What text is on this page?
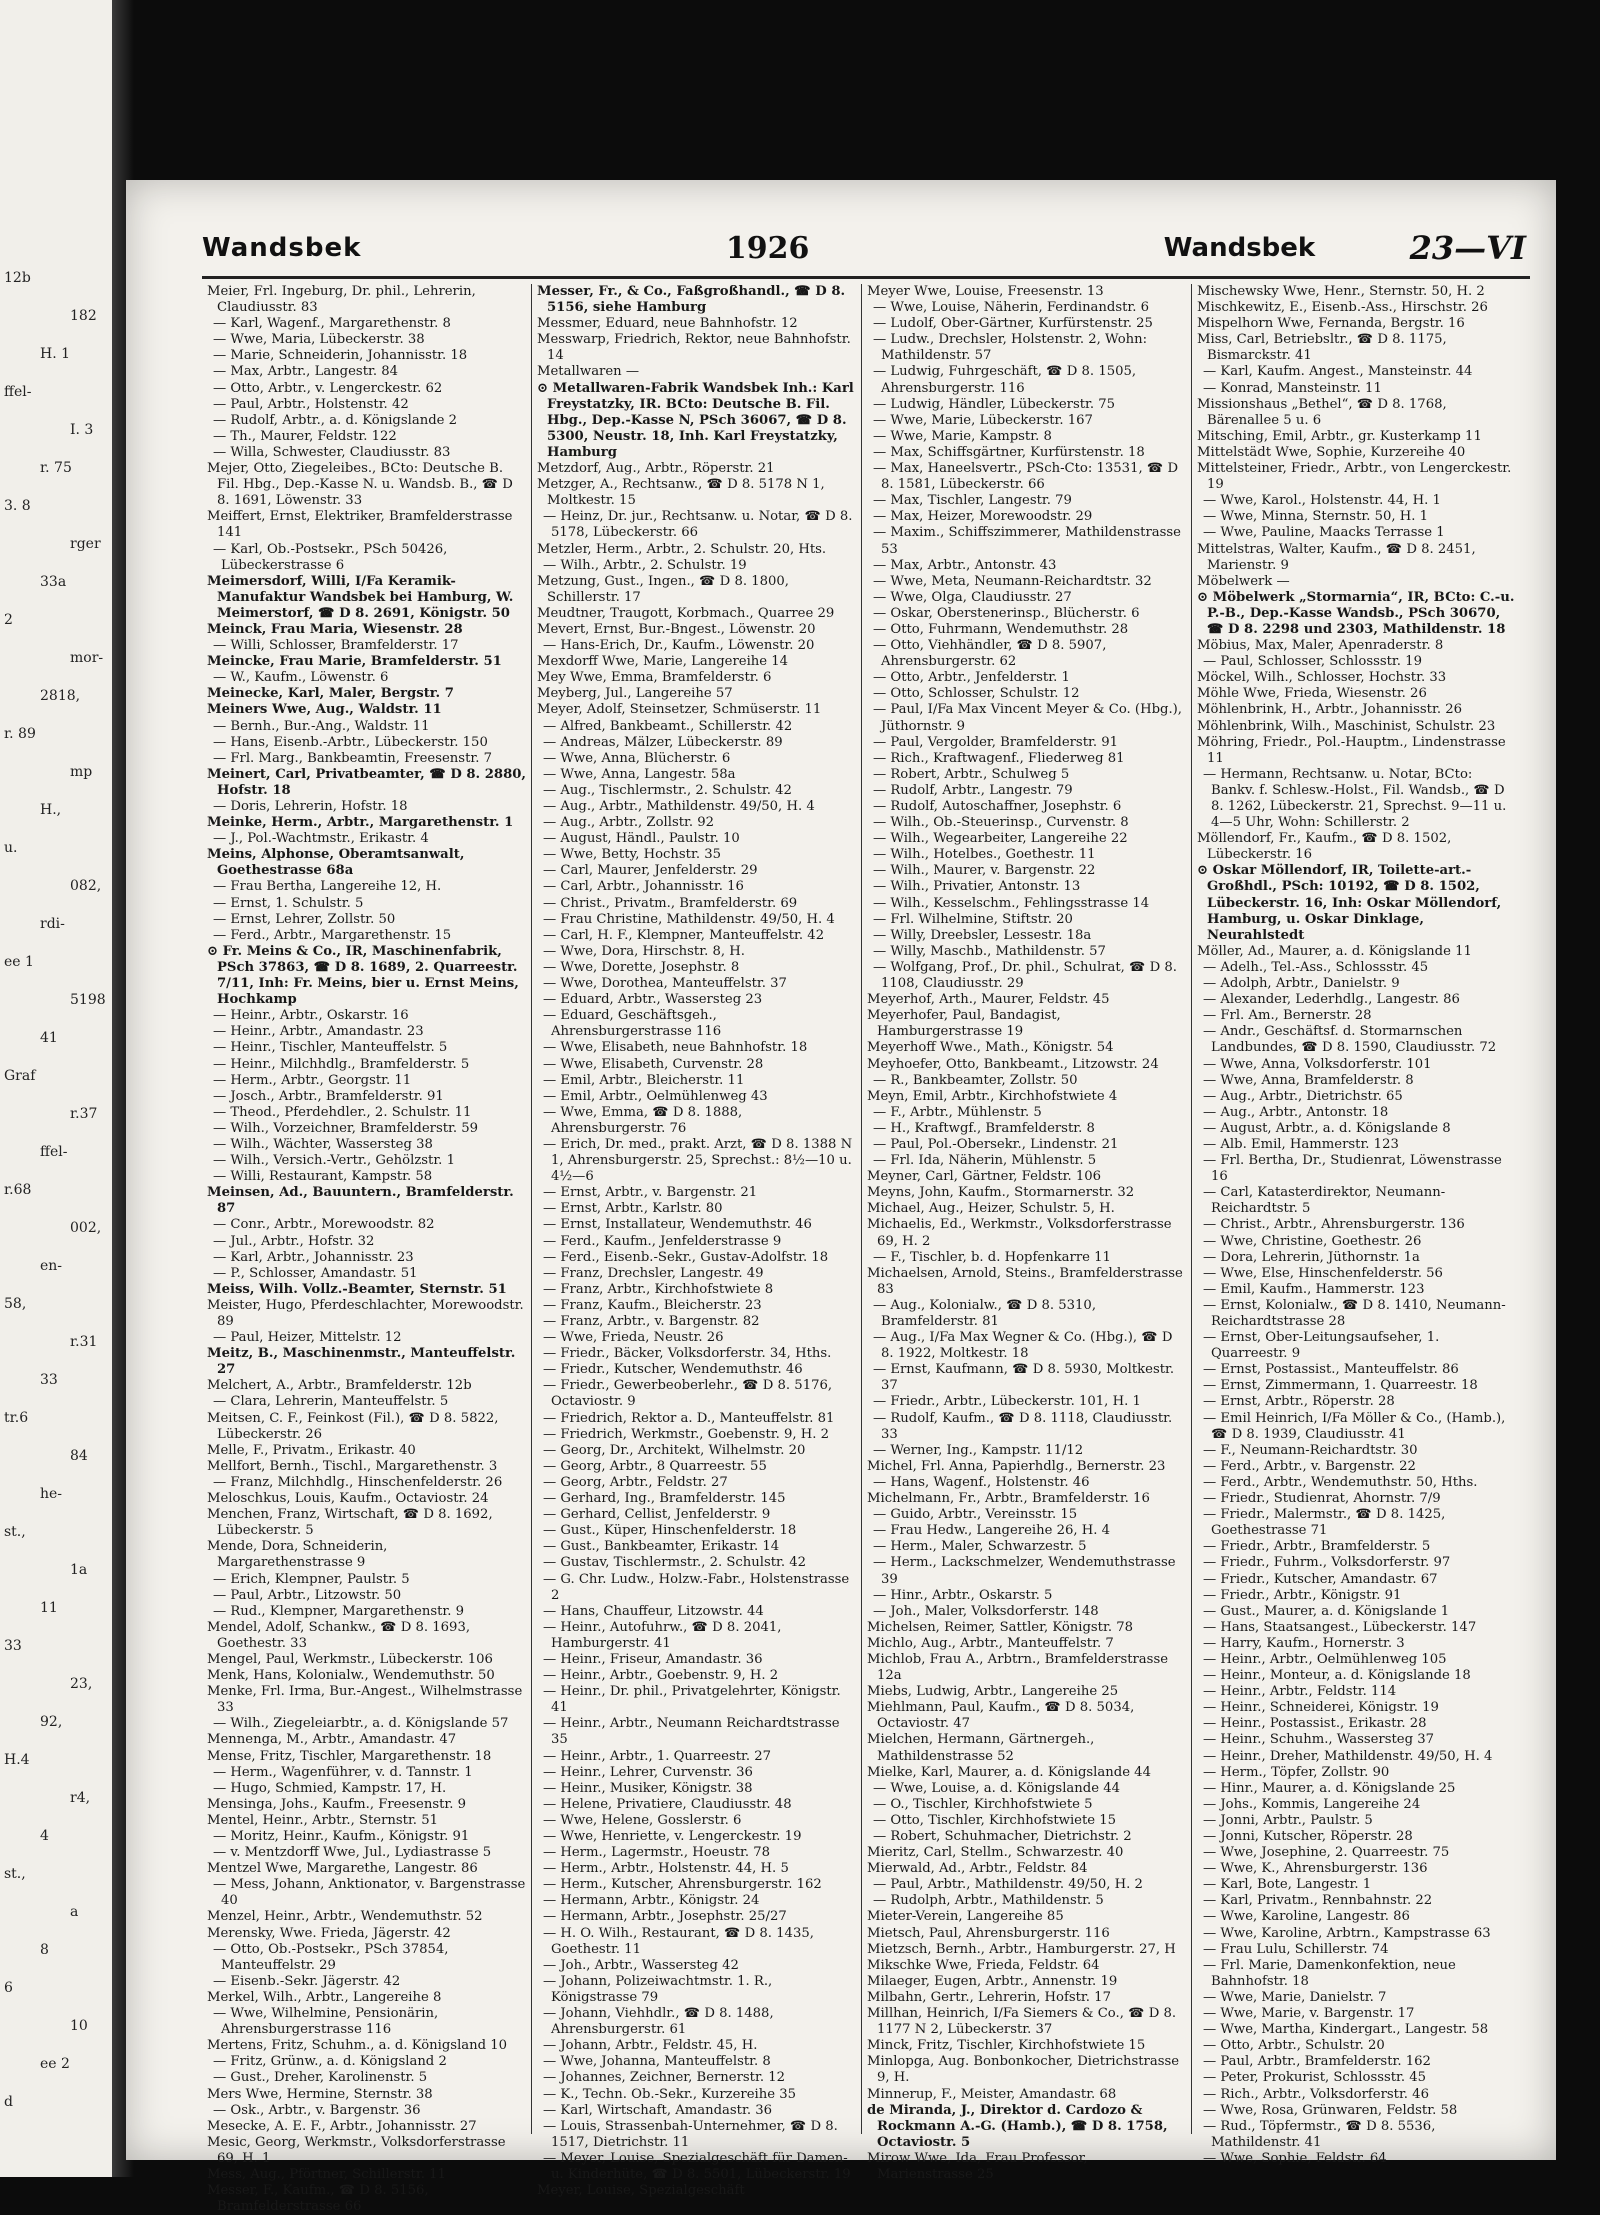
12b
182
H. 1
ffel-
I. 3
r. 75
3. 8
rger
33a
2
mor-
2818,
r. 89
mp
H.,
u.
082,
rdi-
ee 1
5198
41
Graf
r.37
ffel-
r.68
002,
en-
58,
r.31
33
tr.6
84
he-
st.,
1a
11
33
23,
92,
H.4
r4,
4
st.,
a
8
6
10
ee 2
d
Wandsbek	1926	Wandsbek	23—VI
Meier, Frl. Ingeburg, Dr. phil., Lehrerin, Claudiusstr. 83
— Karl, Wagenf., Margarethenstr. 8
— Wwe, Maria, Lübeckerstr. 38
— Marie, Schneiderin, Johannisstr. 18
— Max, Arbtr., Langestr. 84
— Otto, Arbtr., v. Lengerckestr. 62
— Paul, Arbtr., Holstenstr. 42
— Rudolf, Arbtr., a. d. Königslande 2
— Th., Maurer, Feldstr. 122
— Willa, Schwester, Claudiusstr. 83
Mejer, Otto, Ziegeleibes., BCto: Deutsche B. Fil. Hbg., Dep.-Kasse N. u. Wandsb. B., ☎ D 8. 1691, Löwenstr. 33
Meiffert, Ernst, Elektriker, Bramfelderstrasse 141
— Karl, Ob.-Postsekr., PSch 50426, Lübeckerstrasse 6
Meimersdorf, Willi, I/Fa Keramik-Manufaktur Wandsbek bei Hamburg, W. Meimerstorf, ☎ D 8. 2691, Königstr. 50
Meinck, Frau Maria, Wiesenstr. 28
— Willi, Schlosser, Bramfelderstr. 17
Meincke, Frau Marie, Bramfelderstr. 51
— W., Kaufm., Löwenstr. 6
Meinecke, Karl, Maler, Bergstr. 7
Meiners Wwe, Aug., Waldstr. 11
— Bernh., Bur.-Ang., Waldstr. 11
— Hans, Eisenb.-Arbtr., Lübeckerstr. 150
— Frl. Marg., Bankbeamtin, Freesenstr. 7
Meinert, Carl, Privatbeamter, ☎ D 8. 2880, Hofstr. 18
— Doris, Lehrerin, Hofstr. 18
Meinke, Herm., Arbtr., Margarethenstr. 1
— J., Pol.-Wachtmstr., Erikastr. 4
Meins, Alphonse, Oberamtsanwalt, Goethestrasse 68a
— Frau Bertha, Langereihe 12, H.
— Ernst, 1. Schulstr. 5
— Ernst, Lehrer, Zollstr. 50
— Ferd., Arbtr., Margarethenstr. 15
⊙ Fr. Meins & Co., IR, Maschinenfabrik, PSch 37863, ☎ D 8. 1689, 2. Quarreestr. 7/11, Inh: Fr. Meins, bier u. Ernst Meins, Hochkamp
— Heinr., Arbtr., Oskarstr. 16
— Heinr., Arbtr., Amandastr. 23
— Heinr., Tischler, Manteuffelstr. 5
— Heinr., Milchhdlg., Bramfelderstr. 5
— Herm., Arbtr., Georgstr. 11
— Josch., Arbtr., Bramfelderstr. 91
— Theod., Pferdehdler., 2. Schulstr. 11
— Wilh., Vorzeichner, Bramfelderstr. 59
— Wilh., Wächter, Wassersteg 38
— Wilh., Versich.-Vertr., Gehölzstr. 1
— Willi, Restaurant, Kampstr. 58
Meinsen, Ad., Bauuntern., Bramfelderstr. 87
— Conr., Arbtr., Morewoodstr. 82
— Jul., Arbtr., Hofstr. 32
— Karl, Arbtr., Johannisstr. 23
— P., Schlosser, Amandastr. 51
Meiss, Wilh. Vollz.-Beamter, Sternstr. 51
Meister, Hugo, Pferdeschlachter, Morewoodstr. 89
— Paul, Heizer, Mittelstr. 12
Meitz, B., Maschinenmstr., Manteuffelstr. 27
Melchert, A., Arbtr., Bramfelderstr. 12b
— Clara, Lehrerin, Manteuffelstr. 5
Meitsen, C. F., Feinkost (Fil.), ☎ D 8. 5822, Lübeckerstr. 26
Melle, F., Privatm., Erikastr. 40
Mellfort, Bernh., Tischl., Margarethenstr. 3
— Franz, Milchhdlg., Hinschenfelderstr. 26
Meloschkus, Louis, Kaufm., Octaviostr. 24
Menchen, Franz, Wirtschaft, ☎ D 8. 1692, Lübeckerstr. 5
Mende, Dora, Schneiderin, Margarethenstrasse 9
— Erich, Klempner, Paulstr. 5
— Paul, Arbtr., Litzowstr. 50
— Rud., Klempner, Margarethenstr. 9
Mendel, Adolf, Schankw., ☎ D 8. 1693, Goethestr. 33
Mengel, Paul, Werkmstr., Lübeckerstr. 106
Menk, Hans, Kolonialw., Wendemuthstr. 50
Menke, Frl. Irma, Bur.-Angest., Wilhelmstrasse 33
— Wilh., Ziegeleiarbtr., a. d. Königslande 57
Mennenga, M., Arbtr., Amandastr. 47
Mense, Fritz, Tischler, Margarethenstr. 18
— Herm., Wagenführer, v. d. Tannstr. 1
— Hugo, Schmied, Kampstr. 17, H.
Mensinga, Johs., Kaufm., Freesenstr. 9
Mentel, Heinr., Arbtr., Sternstr. 51
— Moritz, Heinr., Kaufm., Königstr. 91
— v. Mentzdorff Wwe, Jul., Lydiastrasse 5
Mentzel Wwe, Margarethe, Langestr. 86
— Mess, Johann, Anktionator, v. Bargenstrasse 40
Menzel, Heinr., Arbtr., Wendemuthstr. 52
Merensky, Wwe. Frieda, Jägerstr. 42
— Otto, Ob.-Postsekr., PSch 37854, Manteuffelstr. 29
— Eisenb.-Sekr. Jägerstr. 42
Merkel, Wilh., Arbtr., Langereihe 8
— Wwe, Wilhelmine, Pensionärin, Ahrensburgerstrasse 116
Mertens, Fritz, Schuhm., a. d. Königsland 10
— Fritz, Grünw., a. d. Königsland 2
— Gust., Dreher, Karolinenstr. 5
Mers Wwe, Hermine, Sternstr. 38
— Osk., Arbtr., v. Bargenstr. 36
Mesecke, A. E. F., Arbtr., Johannisstr. 27
Mesic, Georg, Werkmstr., Volksdorferstrasse 69, H. 1
Mess, Aug., Pförtner, Schillerstr. 11
Messer, F., Kaufm., ☎ D 8. 5156, Bramfelderstrasse 66
Messer, Fr., & Co., Faßgroßhandl., ☎ D 8. 5156, siehe Hamburg
Messmer, Eduard, neue Bahnhofstr. 12
Messwarp, Friedrich, Rektor, neue Bahnhofstr. 14
Metallwaren —
⊙ Metallwaren-Fabrik Wandsbek Inh.: Karl Freystatzky, IR. BCto: Deutsche B. Fil. Hbg., Dep.-Kasse N, PSch 36067, ☎ D 8. 5300, Neustr. 18, Inh. Karl Freystatzky, Hamburg
Metzdorf, Aug., Arbtr., Röperstr. 21
Metzger, A., Rechtsanw., ☎ D 8. 5178 N 1, Moltkestr. 15
— Heinz, Dr. jur., Rechtsanw. u. Notar, ☎ D 8. 5178, Lübeckerstr. 66
Metzler, Herm., Arbtr., 2. Schulstr. 20, Hts.
— Wilh., Arbtr., 2. Schulstr. 19
Metzung, Gust., Ingen., ☎ D 8. 1800, Schillerstr. 17
Meudtner, Traugott, Korbmach., Quarree 29
Mevert, Ernst, Bur.-Bngest., Löwenstr. 20
— Hans-Erich, Dr., Kaufm., Löwenstr. 20
Mexdorff Wwe, Marie, Langereihe 14
Mey Wwe, Emma, Bramfelderstr. 6
Meyberg, Jul., Langereihe 57
Meyer, Adolf, Steinsetzer, Schmüserstr. 11
— Alfred, Bankbeamt., Schillerstr. 42
— Andreas, Mälzer, Lübeckerstr. 89
— Wwe, Anna, Blücherstr. 6
— Wwe, Anna, Langestr. 58a
— Aug., Tischlermstr., 2. Schulstr. 42
— Aug., Arbtr., Mathildenstr. 49/50, H. 4
— Aug., Arbtr., Zollstr. 92
— August, Händl., Paulstr. 10
— Wwe, Betty, Hochstr. 35
— Carl, Maurer, Jenfelderstr. 29
— Carl, Arbtr., Johannisstr. 16
— Christ., Privatm., Bramfelderstr. 69
— Frau Christine, Mathildenstr. 49/50, H. 4
— Carl, H. F., Klempner, Manteuffelstr. 42
— Wwe, Dora, Hirschstr. 8, H.
— Wwe, Dorette, Josephstr. 8
— Wwe, Dorothea, Manteuffelstr. 37
— Eduard, Arbtr., Wassersteg 23
— Eduard, Geschäftsgeh., Ahrensburgerstrasse 116
— Wwe, Elisabeth, neue Bahnhofstr. 18
— Wwe, Elisabeth, Curvenstr. 28
— Emil, Arbtr., Bleicherstr. 11
— Emil, Arbtr., Oelmühlenweg 43
— Wwe, Emma, ☎ D 8. 1888, Ahrensburgerstr. 76
— Erich, Dr. med., prakt. Arzt, ☎ D 8. 1388 N 1, Ahrensburgerstr. 25, Sprechst.: 8½—10 u. 4½—6
— Ernst, Arbtr., v. Bargenstr. 21
— Ernst, Arbtr., Karlstr. 80
— Ernst, Installateur, Wendemuthstr. 46
— Ferd., Kaufm., Jenfelderstrasse 9
— Ferd., Eisenb.-Sekr., Gustav-Adolfstr. 18
— Franz, Drechsler, Langestr. 49
— Franz, Arbtr., Kirchhofstwiete 8
— Franz, Kaufm., Bleicherstr. 23
— Franz, Arbtr., v. Bargenstr. 82
— Wwe, Frieda, Neustr. 26
— Friedr., Bäcker, Volksdorferstr. 34, Hths.
— Friedr., Kutscher, Wendemuthstr. 46
— Friedr., Gewerbeoberlehr., ☎ D 8. 5176, Octaviostr. 9
— Friedrich, Rektor a. D., Manteuffelstr. 81
— Friedrich, Werkmstr., Goebenstr. 9, H. 2
— Georg, Dr., Architekt, Wilhelmstr. 20
— Georg, Arbtr., 8 Quarreestr. 55
— Georg, Arbtr., Feldstr. 27
— Gerhard, Ing., Bramfelderstr. 145
— Gerhard, Cellist, Jenfelderstr. 9
— Gust., Küper, Hinschenfelderstr. 18
— Gust., Bankbeamter, Erikastr. 14
— Gustav, Tischlermstr., 2. Schulstr. 42
— G. Chr. Ludw., Holzw.-Fabr., Holstenstrasse 2
— Hans, Chauffeur, Litzowstr. 44
— Heinr., Autofuhrw., ☎ D 8. 2041, Hamburgerstr. 41
— Heinr., Friseur, Amandastr. 36
— Heinr., Arbtr., Goebenstr. 9, H. 2
— Heinr., Dr. phil., Privatgelehrter, Königstr. 41
— Heinr., Arbtr., Neumann Reichardtstrasse 35
— Heinr., Arbtr., 1. Quarreestr. 27
— Heinr., Lehrer, Curvenstr. 36
— Heinr., Musiker, Königstr. 38
— Helene, Privatiere, Claudiusstr. 48
— Wwe, Helene, Gosslerstr. 6
— Wwe, Henriette, v. Lengerckestr. 19
— Herm., Lagermstr., Hoeustr. 78
— Herm., Arbtr., Holstenstr. 44, H. 5
— Herm., Kutscher, Ahrensburgerstr. 162
— Hermann, Arbtr., Königstr. 24
— Hermann, Arbtr., Josephstr. 25/27
— H. O. Wilh., Restaurant, ☎ D 8. 1435, Goethestr. 11
— Joh., Arbtr., Wassersteg 42
— Johann, Polizeiwachtmstr. 1. R., Königstrasse 79
— Johann, Viehhdlr., ☎ D 8. 1488, Ahrensburgerstr. 61
— Johann, Arbtr., Feldstr. 45, H.
— Wwe, Johanna, Manteuffelstr. 8
— Johannes, Zeichner, Bernerstr. 12
— K., Techn. Ob.-Sekr., Kurzereihe 35
— Karl, Wirtschaft, Amandastr. 36
— Louis, Strassenbah-Unternehmer, ☎ D 8. 1517, Dietrichstr. 11
— Meyer, Louise, Spezialgeschäft für Damen- u. Kinderhüte, ☎ D 8. 5501, Lübeckerstr. 19
Meyer, Louise, Spezialgeschäft
Meyer Wwe, Louise, Freesenstr. 13
— Wwe, Louise, Näherin, Ferdinandstr. 6
— Ludolf, Ober-Gärtner, Kurfürstenstr. 25
— Ludw., Drechsler, Holstenstr. 2, Wohn: Mathildenstr. 57
— Ludwig, Fuhrgeschäft, ☎ D 8. 1505, Ahrensburgerstr. 116
— Ludwig, Händler, Lübeckerstr. 75
— Wwe, Marie, Lübeckerstr. 167
— Wwe, Marie, Kampstr. 8
— Max, Schiffsgärtner, Kurfürstenstr. 18
— Max, Haneelsvertr., PSch-Cto: 13531, ☎ D 8. 1581, Lübeckerstr. 66
— Max, Tischler, Langestr. 79
— Max, Heizer, Morewoodstr. 29
— Maxim., Schiffszimmerer, Mathildenstrasse 53
— Max, Arbtr., Antonstr. 43
— Wwe, Meta, Neumann-Reichardtstr. 32
— Wwe, Olga, Claudiusstr. 27
— Oskar, Oberstenerinsp., Blücherstr. 6
— Otto, Fuhrmann, Wendemuthstr. 28
— Otto, Viehhändler, ☎ D 8. 5907, Ahrensburgerstr. 62
— Otto, Arbtr., Jenfelderstr. 1
— Otto, Schlosser, Schulstr. 12
— Paul, I/Fa Max Vincent Meyer & Co. (Hbg.), Jüthornstr. 9
— Paul, Vergolder, Bramfelderstr. 91
— Rich., Kraftwagenf., Fliederweg 81
— Robert, Arbtr., Schulweg 5
— Rudolf, Arbtr., Langestr. 79
— Rudolf, Autoschaffner, Josephstr. 6
— Wilh., Ob.-Steuerinsp., Curvenstr. 8
— Wilh., Wegearbeiter, Langereihe 22
— Wilh., Hotelbes., Goethestr. 11
— Wilh., Maurer, v. Bargenstr. 22
— Wilh., Privatier, Antonstr. 13
— Wilh., Kesselschm., Fehlingsstrasse 14
— Frl. Wilhelmine, Stiftstr. 20
— Willy, Dreebsler, Lessestr. 18a
— Willy, Maschb., Mathildenstr. 57
— Wolfgang, Prof., Dr. phil., Schulrat, ☎ D 8. 1108, Claudiusstr. 29
Meyerhof, Arth., Maurer, Feldstr. 45
Meyerhofer, Paul, Bandagist, Hamburgerstrasse 19
Meyerhoff Wwe., Math., Königstr. 54
Meyhoefer, Otto, Bankbeamt., Litzowstr. 24
— R., Bankbeamter, Zollstr. 50
Meyn, Emil, Arbtr., Kirchhofstwiete 4
— F., Arbtr., Mühlenstr. 5
— H., Kraftwgf., Bramfelderstr. 8
— Paul, Pol.-Obersekr., Lindenstr. 21
— Frl. Ida, Näherin, Mühlenstr. 5
Meyner, Carl, Gärtner, Feldstr. 106
Meyns, John, Kaufm., Stormarnerstr. 32
Michael, Aug., Heizer, Schulstr. 5, H.
Michaelis, Ed., Werkmstr., Volksdorferstrasse 69, H. 2
— F., Tischler, b. d. Hopfenkarre 11
Michaelsen, Arnold, Steins., Bramfelderstrasse 83
— Aug., Kolonialw., ☎ D 8. 5310, Bramfelderstr. 81
— Aug., I/Fa Max Wegner & Co. (Hbg.), ☎ D 8. 1922, Moltkestr. 18
— Ernst, Kaufmann, ☎ D 8. 5930, Moltkestr. 37
— Friedr., Arbtr., Lübeckerstr. 101, H. 1
— Rudolf, Kaufm., ☎ D 8. 1118, Claudiusstr. 33
— Werner, Ing., Kampstr. 11/12
Michel, Frl. Anna, Papierhdlg., Bernerstr. 23
— Hans, Wagenf., Holstenstr. 46
Michelmann, Fr., Arbtr., Bramfelderstr. 16
— Guido, Arbtr., Vereinsstr. 15
— Frau Hedw., Langereihe 26, H. 4
— Herm., Maler, Schwarzestr. 5
— Herm., Lackschmelzer, Wendemuthstrasse 39
— Hinr., Arbtr., Oskarstr. 5
— Joh., Maler, Volksdorferstr. 148
Michelsen, Reimer, Sattler, Königstr. 78
Michlo, Aug., Arbtr., Manteuffelstr. 7
Michlob, Frau A., Arbtrn., Bramfelderstrasse 12a
Miebs, Ludwig, Arbtr., Langereihe 25
Miehlmann, Paul, Kaufm., ☎ D 8. 5034, Octaviostr. 47
Mielchen, Hermann, Gärtnergeh., Mathildenstrasse 52
Mielke, Karl, Maurer, a. d. Königslande 44
— Wwe, Louise, a. d. Königslande 44
— O., Tischler, Kirchhofstwiete 5
— Otto, Tischler, Kirchhofstwiete 15
— Robert, Schuhmacher, Dietrichstr. 2
Mieritz, Carl, Stellm., Schwarzestr. 40
Mierwald, Ad., Arbtr., Feldstr. 84
— Paul, Arbtr., Mathildenstr. 49/50, H. 2
— Rudolph, Arbtr., Mathildenstr. 5
Mieter-Verein, Langereihe 85
Mietsch, Paul, Ahrensburgerstr. 116
Mietzsch, Bernh., Arbtr., Hamburgerstr. 27, H
Mikschke Wwe, Frieda, Feldstr. 64
Milaeger, Eugen, Arbtr., Annenstr. 19
Milbahn, Gertr., Lehrerin, Hofstr. 17
Millhan, Heinrich, I/Fa Siemers & Co., ☎ D 8. 1177 N 2, Lübeckerstr. 37
Minck, Fritz, Tischler, Kirchhofstwiete 15
Minlopga, Aug. Bonbonkocher, Dietrichstrasse 9, H.
Minnerup, F., Meister, Amandastr. 68
de Miranda, J., Direktor d. Cardozo & Rockmann A.-G. (Hamb.), ☎ D 8. 1758, Octaviostr. 5
Mirow Wwe, Ida, Frau Professor, Marienstrasse 25
Mischewsky Wwe, Henr., Sternstr. 50, H. 2
Mischkewitz, E., Eisenb.-Ass., Hirschstr. 26
Mispelhorn Wwe, Fernanda, Bergstr. 16
Miss, Carl, Betriebsltr., ☎ D 8. 1175, Bismarckstr. 41
— Karl, Kaufm. Angest., Mansteinstr. 44
— Konrad, Mansteinstr. 11
Missionshaus „Bethel“, ☎ D 8. 1768, Bärenallee 5 u. 6
Mitsching, Emil, Arbtr., gr. Kusterkamp 11
Mittelstädt Wwe, Sophie, Kurzereihe 40
Mittelsteiner, Friedr., Arbtr., von Lengerckestr. 19
— Wwe, Karol., Holstenstr. 44, H. 1
— Wwe, Minna, Sternstr. 50, H. 1
— Wwe, Pauline, Maacks Terrasse 1
Mittelstras, Walter, Kaufm., ☎ D 8. 2451, Marienstr. 9
Möbelwerk —
⊙ Möbelwerk „Stormarnia“, IR, BCto: C.-u. P.-B., Dep.-Kasse Wandsb., PSch 30670, ☎ D 8. 2298 und 2303, Mathildenstr. 18
Möbius, Max, Maler, Apenraderstr. 8
— Paul, Schlosser, Schlossstr. 19
Möckel, Wilh., Schlosser, Hochstr. 33
Möhle Wwe, Frieda, Wiesenstr. 26
Möhlenbrink, H., Arbtr., Johannisstr. 26
Möhlenbrink, Wilh., Maschinist, Schulstr. 23
Möhring, Friedr., Pol.-Hauptm., Lindenstrasse 11
— Hermann, Rechtsanw. u. Notar, BCto: Bankv. f. Schlesw.-Holst., Fil. Wandsb., ☎ D 8. 1262, Lübeckerstr. 21, Sprechst. 9—11 u. 4—5 Uhr, Wohn: Schillerstr. 2
Möllendorf, Fr., Kaufm., ☎ D 8. 1502, Lübeckerstr. 16
⊙ Oskar Möllendorf, IR, Toilette-art.-Großhdl., PSch: 10192, ☎ D 8. 1502, Lübeckerstr. 16, Inh: Oskar Möllendorf, Hamburg, u. Oskar Dinklage, Neurahlstedt
Möller, Ad., Maurer, a. d. Königslande 11
— Adelh., Tel.-Ass., Schlossstr. 45
— Adolph, Arbtr., Danielstr. 9
— Alexander, Lederhdlg., Langestr. 86
— Frl. Am., Bernerstr. 28
— Andr., Geschäftsf. d. Stormarnschen Landbundes, ☎ D 8. 1590, Claudiusstr. 72
— Wwe, Anna, Volksdorferstr. 101
— Wwe, Anna, Bramfelderstr. 8
— Aug., Arbtr., Dietrichstr. 65
— Aug., Arbtr., Antonstr. 18
— August, Arbtr., a. d. Königslande 8
— Alb. Emil, Hammerstr. 123
— Frl. Bertha, Dr., Studienrat, Löwenstrasse 16
— Carl, Katasterdirektor, Neumann-Reichardtstr. 5
— Christ., Arbtr., Ahrensburgerstr. 136
— Wwe, Christine, Goethestr. 26
— Dora, Lehrerin, Jüthornstr. 1a
— Wwe, Else, Hinschenfelderstr. 56
— Emil, Kaufm., Hammerstr. 123
— Ernst, Kolonialw., ☎ D 8. 1410, Neumann-Reichardtstrasse 28
— Ernst, Ober-Leitungsaufseher, 1. Quarreestr. 9
— Ernst, Postassist., Manteuffelstr. 86
— Ernst, Zimmermann, 1. Quarreestr. 18
— Ernst, Arbtr., Röperstr. 28
— Emil Heinrich, I/Fa Möller & Co., (Hamb.), ☎ D 8. 1939, Claudiusstr. 41
— F., Neumann-Reichardtstr. 30
— Ferd., Arbtr., v. Bargenstr. 22
— Ferd., Arbtr., Wendemuthstr. 50, Hths.
— Friedr., Studienrat, Ahornstr. 7/9
— Friedr., Malermstr., ☎ D 8. 1425, Goethestrasse 71
— Friedr., Arbtr., Bramfelderstr. 5
— Friedr., Fuhrm., Volksdorferstr. 97
— Friedr., Kutscher, Amandastr. 67
— Friedr., Arbtr., Königstr. 91
— Gust., Maurer, a. d. Königslande 1
— Hans, Staatsangest., Lübeckerstr. 147
— Harry, Kaufm., Hornerstr. 3
— Heinr., Arbtr., Oelmühlenweg 105
— Heinr., Monteur, a. d. Königslande 18
— Heinr., Arbtr., Feldstr. 114
— Heinr., Schneiderei, Königstr. 19
— Heinr., Postassist., Erikastr. 28
— Heinr., Schuhm., Wassersteg 37
— Heinr., Dreher, Mathildenstr. 49/50, H. 4
— Herm., Töpfer, Zollstr. 90
— Hinr., Maurer, a. d. Königslande 25
— Johs., Kommis, Langereihe 24
— Jonni, Arbtr., Paulstr. 5
— Jonni, Kutscher, Röperstr. 28
— Wwe, Josephine, 2. Quarreestr. 75
— Wwe, K., Ahrensburgerstr. 136
— Karl, Bote, Langestr. 1
— Karl, Privatm., Rennbahnstr. 22
— Wwe, Karoline, Langestr. 86
— Wwe, Karoline, Arbtrn., Kampstrasse 63
— Frau Lulu, Schillerstr. 74
— Frl. Marie, Damenkonfektion, neue Bahnhofstr. 18
— Wwe, Marie, Danielstr. 7
— Wwe, Marie, v. Bargenstr. 17
— Wwe, Martha, Kindergart., Langestr. 58
— Otto, Arbtr., Schulstr. 20
— Paul, Arbtr., Bramfelderstr. 162
— Peter, Prokurist, Schlossstr. 45
— Rich., Arbtr., Volksdorferstr. 46
— Wwe, Rosa, Grünwaren, Feldstr. 58
— Rud., Töpfermstr., ☎ D 8. 5536, Mathildenstr. 41
— Wwe, Sophie, Feldstr. 64
